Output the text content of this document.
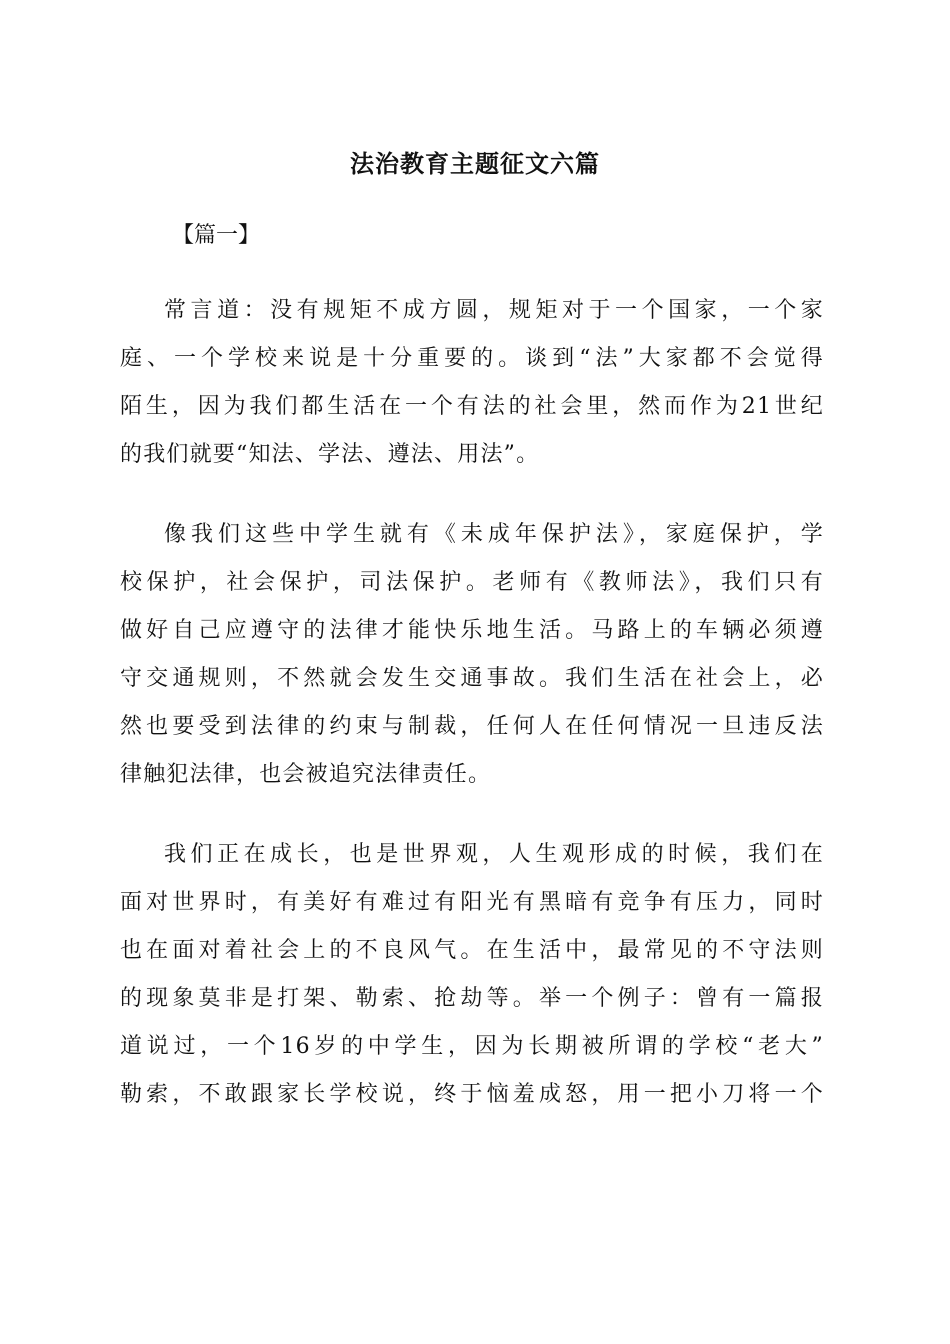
法治教育主题征文六篇
【篇一】
常言道：没有规矩不成方圆，规矩对于一个国家，一个家
庭、一个学校来说是十分重要的。谈到“法”大家都不会觉得
陌生，因为我们都生活在一个有法的社会里，然而作为21世纪
的我们就要“知法、学法、遵法、用法”。
像我们这些中学生就有《未成年保护法》，家庭保护，学
校保护，社会保护，司法保护。老师有《教师法》，我们只有
做好自己应遵守的法律才能快乐地生活。马路上的车辆必须遵
守交通规则，不然就会发生交通事故。我们生活在社会上，必
然也要受到法律的约束与制裁，任何人在任何情况一旦违反法
律触犯法律，也会被追究法律责任。
我们正在成长，也是世界观，人生观形成的时候，我们在
面对世界时，有美好有难过有阳光有黑暗有竞争有压力，同时
也在面对着社会上的不良风气。在生活中，最常见的不守法则
的现象莫非是打架、勒索、抢劫等。举一个例子：曾有一篇报
道说过，一个16岁的中学生，因为长期被所谓的学校“老大”
勒索，不敢跟家长学校说，终于恼羞成怒，用一把小刀将一个
